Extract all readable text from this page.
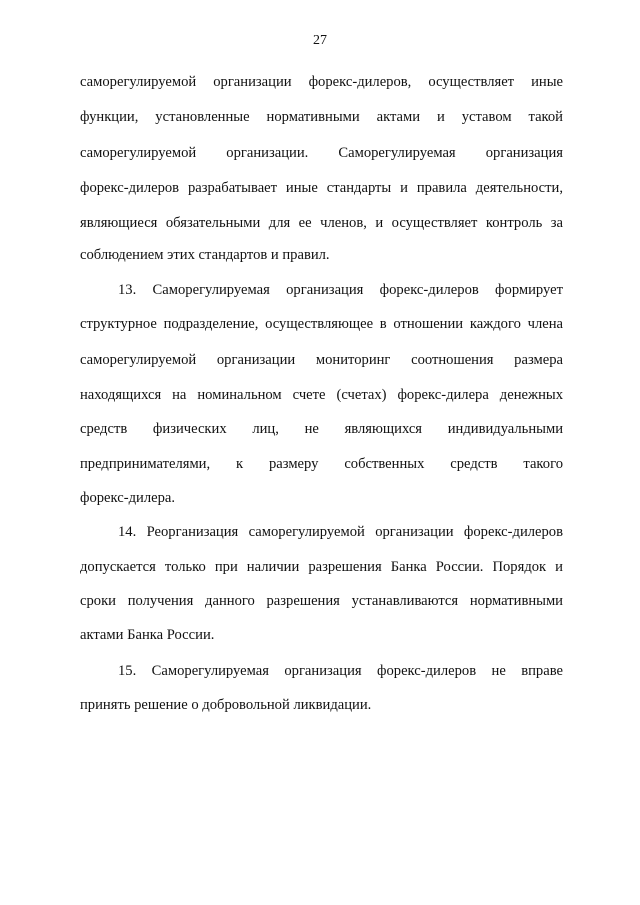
27
саморегулируемой организации форекс-дилеров, осуществляет иные
функции, установленные нормативными актами и уставом такой
саморегулируемой организации. Саморегулируемая организация
форекс-дилеров разрабатывает иные стандарты и правила деятельности,
являющиеся обязательными для ее членов, и осуществляет контроль за
соблюдением этих стандартов и правил.
13. Саморегулируемая организация форекс-дилеров формирует
структурное подразделение, осуществляющее в отношении каждого члена
саморегулируемой организации мониторинг соотношения размера
находящихся на номинальном счете (счетах) форекс-дилера денежных
средств физических лиц, не являющихся индивидуальными
предпринимателями, к размеру собственных средств такого
форекс-дилера.
14. Реорганизация саморегулируемой организации форекс-дилеров
допускается только при наличии разрешения Банка России. Порядок и
сроки получения данного разрешения устанавливаются нормативными
актами Банка России.
15. Саморегулируемая организация форекс-дилеров не вправе
принять решение о добровольной ликвидации.
